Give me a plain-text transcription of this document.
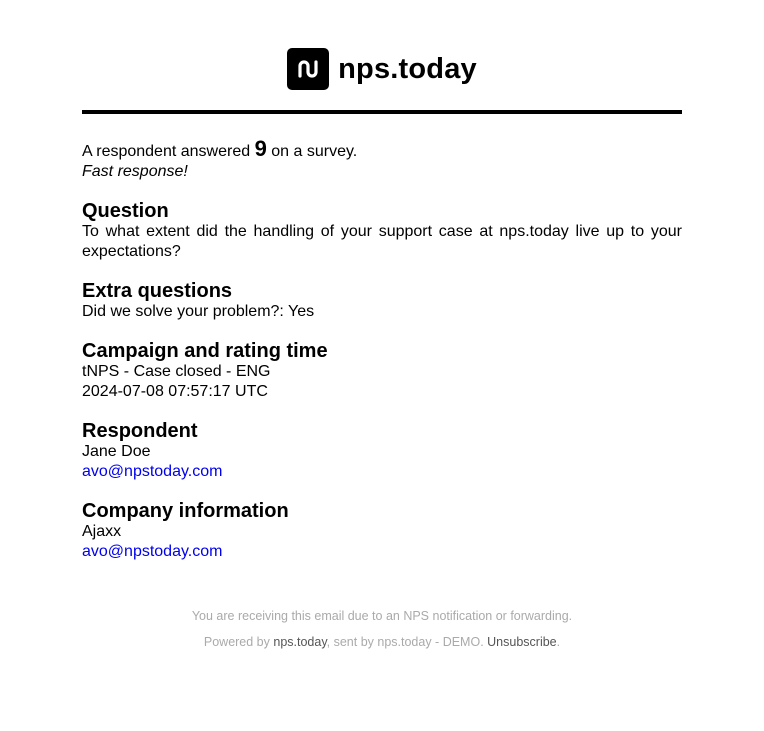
nps.today

A respondent answered 9 on a survey.

Fast response!

Question

To what extent did the handling of your support case at nps.today live up to your expectations?

Extra questions

Did we solve your problem?: Yes

Campaign and rating time

tNPS - Case closed - ENG

2024-07-08 07:57:17 UTC

Respondent

Jane Doe

avo@npstoday.com

Company information

Ajaxx

avo@npstoday.com

You are receiving this email due to an NPS notification or forwarding.

Powered by nps.today, sent by nps.today - DEMO. Unsubscribe.
